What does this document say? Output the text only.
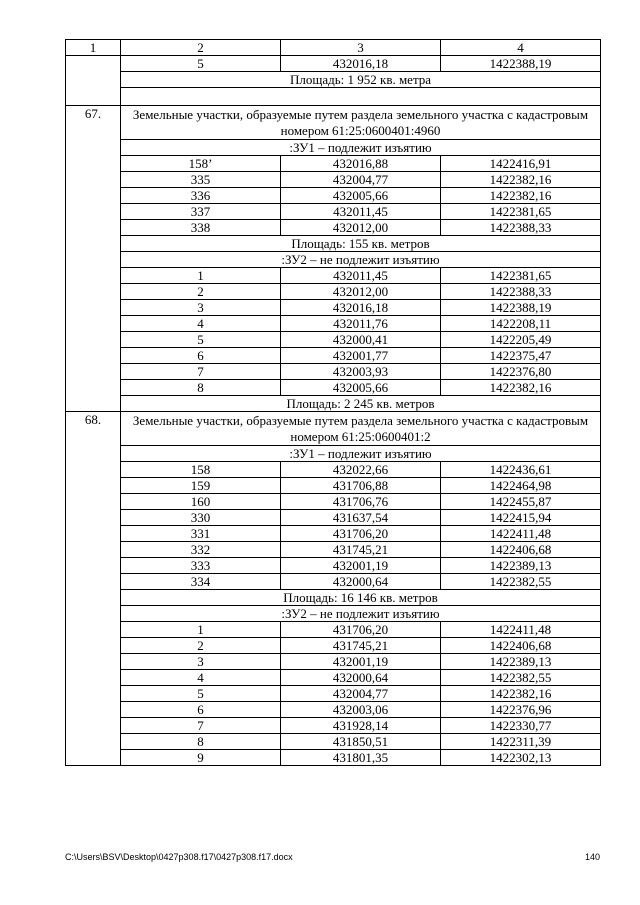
1	2	3	4
	5	432016,18	1422388,19
	Площадь: 1 952 кв. метра		

67.	Земельные участки, образуемые путем раздела земельного участка с кадастровым номером 61:25:0600401:4960		
	:ЗУ1 – подлежит изъятию		
	158’	432016,88	1422416,91
	335	432004,77	1422382,16
	336	432005,66	1422382,16
	337	432011,45	1422381,65
	338	432012,00	1422388,33
	Площадь: 155 кв. метров		
	:ЗУ2 – не подлежит изъятию		
	1	432011,45	1422381,65
	2	432012,00	1422388,33
	3	432016,18	1422388,19
	4	432011,76	1422208,11
	5	432000,41	1422205,49
	6	432001,77	1422375,47
	7	432003,93	1422376,80
	8	432005,66	1422382,16
	Площадь: 2 245 кв. метров		
68.	Земельные участки, образуемые путем раздела земельного участка с кадастровым номером 61:25:0600401:2		
	:ЗУ1 – подлежит изъятию		
	158	432022,66	1422436,61
	159	431706,88	1422464,98
	160	431706,76	1422455,87
	330	431637,54	1422415,94
	331	431706,20	1422411,48
	332	431745,21	1422406,68
	333	432001,19	1422389,13
	334	432000,64	1422382,55
	Площадь: 16 146 кв. метров		
	:ЗУ2 – не подлежит изъятию		
	1	431706,20	1422411,48
	2	431745,21	1422406,68
	3	432001,19	1422389,13
	4	432000,64	1422382,55
	5	432004,77	1422382,16
	6	432003,06	1422376,96
	7	431928,14	1422330,77
	8	431850,51	1422311,39
	9	431801,35	1422302,13
C:\Users\BSV\Desktop\0427p308.f17\0427p308.f17.docx	140
